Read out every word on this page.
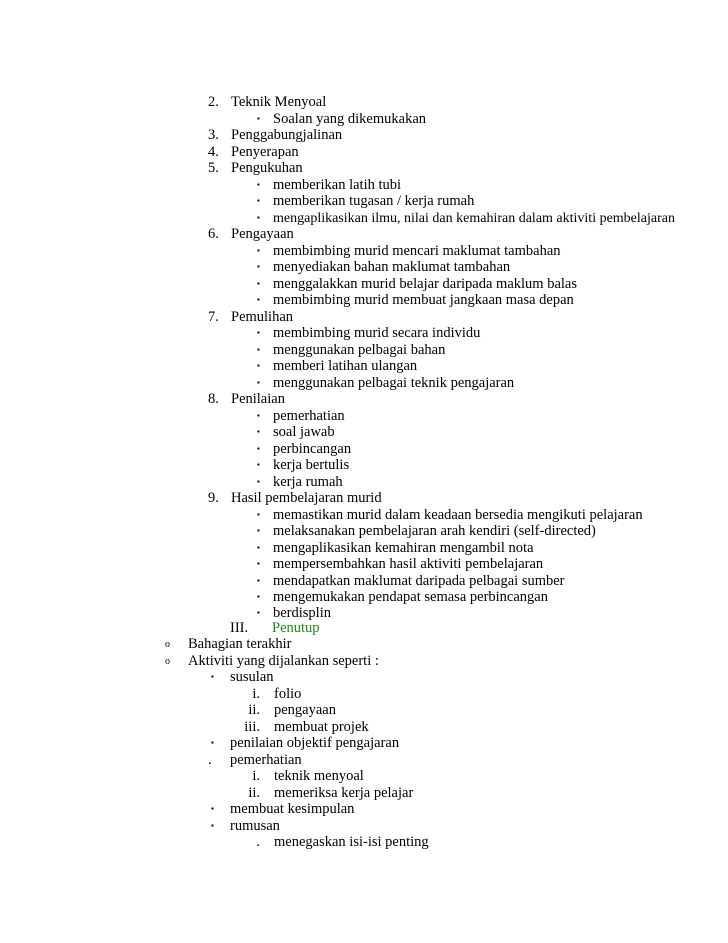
2. Teknik Menyoal
▪ Soalan yang dikemukakan
3. Penggabungjalinan
4. Penyerapan
5. Pengukuhan
▪ memberikan latih tubi
▪ memberikan tugasan / kerja rumah
▪ mengaplikasikan ilmu, nilai dan kemahiran dalam aktiviti pembelajaran
6. Pengayaan
▪ membimbing murid mencari maklumat tambahan
▪ menyediakan bahan maklumat tambahan
▪ menggalakkan murid belajar daripada maklum balas
▪ membimbing murid membuat jangkaan masa depan
7. Pemulihan
▪ membimbing murid secara individu
▪ menggunakan pelbagai bahan
▪ memberi latihan ulangan
▪ menggunakan pelbagai teknik pengajaran
8. Penilaian
▪ pemerhatian
▪ soal jawab
▪ perbincangan
▪ kerja bertulis
▪ kerja rumah
9. Hasil pembelajaran murid
▪ memastikan murid dalam keadaan bersedia mengikuti pelajaran
▪ melaksanakan pembelajaran arah kendiri (self-directed)
▪ mengaplikasikan kemahiran mengambil nota
▪ mempersembahkan hasil aktiviti pembelajaran
▪ mendapatkan maklumat daripada pelbagai sumber
▪ mengemukakan pendapat semasa perbincangan
▪ berdisplin
III. Penutup
o Bahagian terakhir
o Aktiviti yang dijalankan seperti :
▪ susulan
i. folio
ii. pengayaan
iii. membuat projek
▪ penilaian objektif pengajaran
. pemerhatian
i. teknik menyoal
ii. memeriksa kerja pelajar
▪ membuat kesimpulan
▪ rumusan
. menegaskan isi-isi penting
